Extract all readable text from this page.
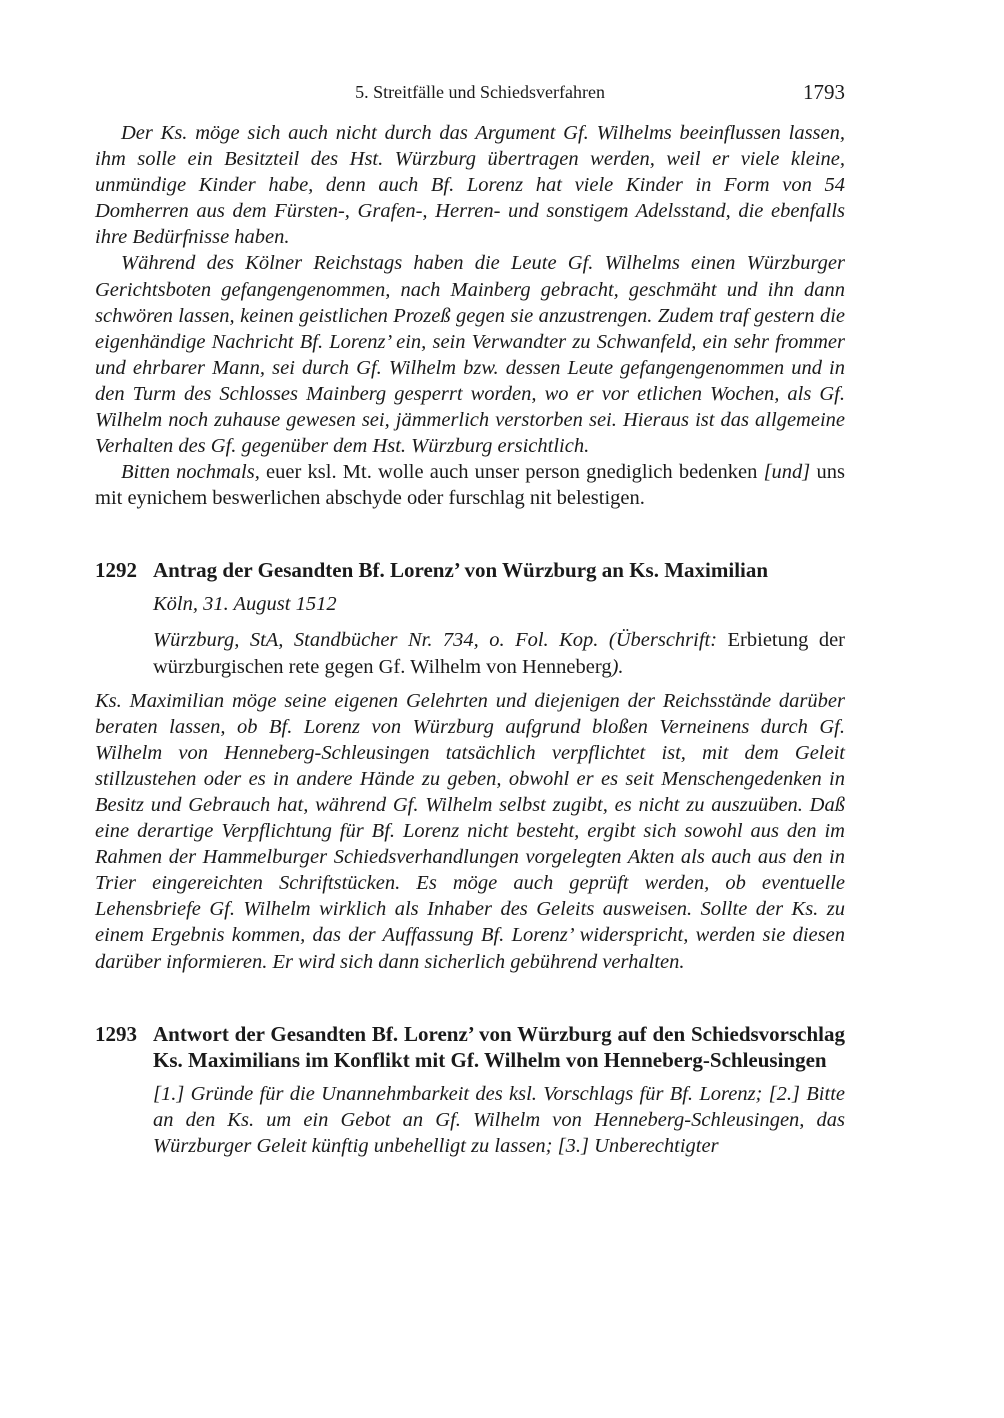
5. Streitfälle und Schiedsverfahren	1793

Der Ks. möge sich auch nicht durch das Argument Gf. Wilhelms beeinflussen lassen, ihm solle ein Besitzteil des Hst. Würzburg übertragen werden, weil er viele kleine, unmündige Kinder habe, denn auch Bf. Lorenz hat viele Kinder in Form von 54 Domherren aus dem Fürsten-, Grafen-, Herren- und sonstigem Adelsstand, die ebenfalls ihre Bedürfnisse haben.

Während des Kölner Reichstags haben die Leute Gf. Wilhelms einen Würzburger Gerichtsboten gefangengenommen, nach Mainberg gebracht, geschmäht und ihn dann schwören lassen, keinen geistlichen Prozeß gegen sie anzustrengen. Zudem traf gestern die eigenhändige Nachricht Bf. Lorenz’ ein, sein Verwandter zu Schwanfeld, ein sehr frommer und ehrbarer Mann, sei durch Gf. Wilhelm bzw. dessen Leute gefangengenommen und in den Turm des Schlosses Mainberg gesperrt worden, wo er vor etlichen Wochen, als Gf. Wilhelm noch zuhause gewesen sei, jämmerlich verstorben sei. Hieraus ist das allgemeine Verhalten des Gf. gegenüber dem Hst. Würzburg ersichtlich.

Bitten nochmals, euer ksl. Mt. wolle auch unser person gnediglich bedenken [und] uns mit eynichem beswerlichen abschyde oder furschlag nit belestigen.

1292 Antrag der Gesandten Bf. Lorenz’ von Würzburg an Ks. Maximilian

Köln, 31. August 1512

Würzburg, StA, Standbücher Nr. 734, o. Fol. Kop. (Überschrift: Erbietung der würzburgischen rete gegen Gf. Wilhelm von Henneberg).

Ks. Maximilian möge seine eigenen Gelehrten und diejenigen der Reichsstände darüber beraten lassen, ob Bf. Lorenz von Würzburg aufgrund bloßen Verneinens durch Gf. Wilhelm von Henneberg-Schleusingen tatsächlich verpflichtet ist, mit dem Geleit stillzustehen oder es in andere Hände zu geben, obwohl er es seit Menschengedenken in Besitz und Gebrauch hat, während Gf. Wilhelm selbst zugibt, es nicht zu auszuüben. Daß eine derartige Verpflichtung für Bf. Lorenz nicht besteht, ergibt sich sowohl aus den im Rahmen der Hammelburger Schiedsverhandlungen vorgelegten Akten als auch aus den in Trier eingereichten Schriftstücken. Es möge auch geprüft werden, ob eventuelle Lehensbriefe Gf. Wilhelm wirklich als Inhaber des Geleits ausweisen. Sollte der Ks. zu einem Ergebnis kommen, das der Auffassung Bf. Lorenz’ widerspricht, werden sie diesen darüber informieren. Er wird sich dann sicherlich gebührend verhalten.

1293 Antwort der Gesandten Bf. Lorenz’ von Würzburg auf den Schiedsvorschlag Ks. Maximilians im Konflikt mit Gf. Wilhelm von Henneberg-Schleusingen

[1.] Gründe für die Unannehmbarkeit des ksl. Vorschlags für Bf. Lorenz; [2.] Bitte an den Ks. um ein Gebot an Gf. Wilhelm von Henneberg-Schleusingen, das Würzburger Geleit künftig unbehelligt zu lassen; [3.] Unberechtigter
